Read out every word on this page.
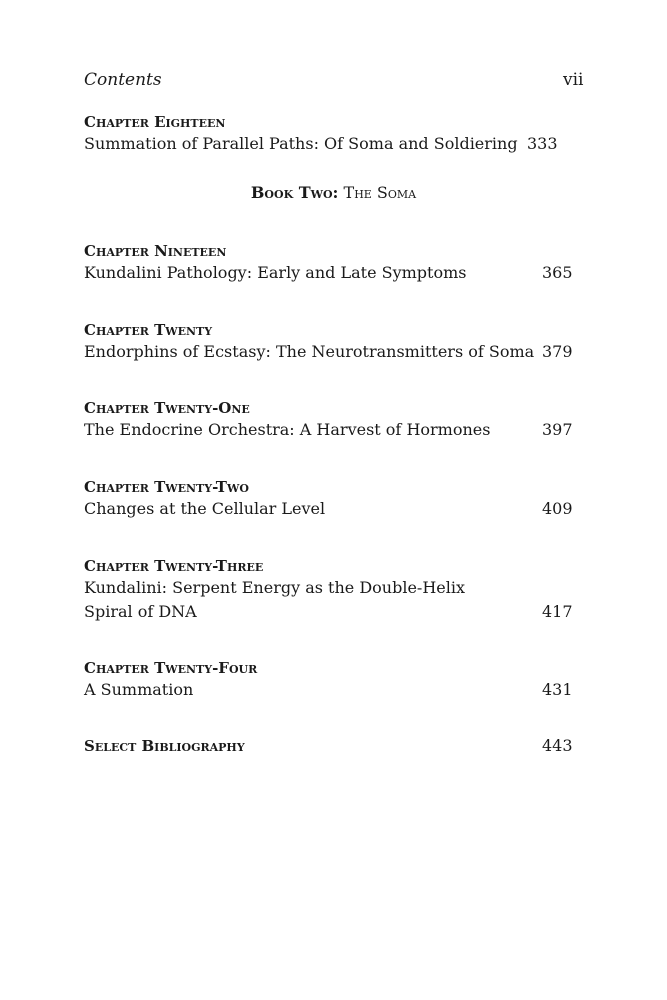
Contents	vii
Chapter Eighteen
Summation of Parallel Paths: Of Soma and Soldiering 333
Book Two: The Soma
Chapter Nineteen
Kundalini Pathology: Early and Late Symptoms	365
Chapter Twenty
Endorphins of Ecstasy: The Neurotransmitters of Soma 379
Chapter Twenty-One
The Endocrine Orchestra: A Harvest of Hormones	397
Chapter Twenty-Two
Changes at the Cellular Level	409
Chapter Twenty-Three
Kundalini: Serpent Energy as the Double-Helix
Spiral of DNA	417
Chapter Twenty-Four
A Summation	431
Select Bibliography	443
